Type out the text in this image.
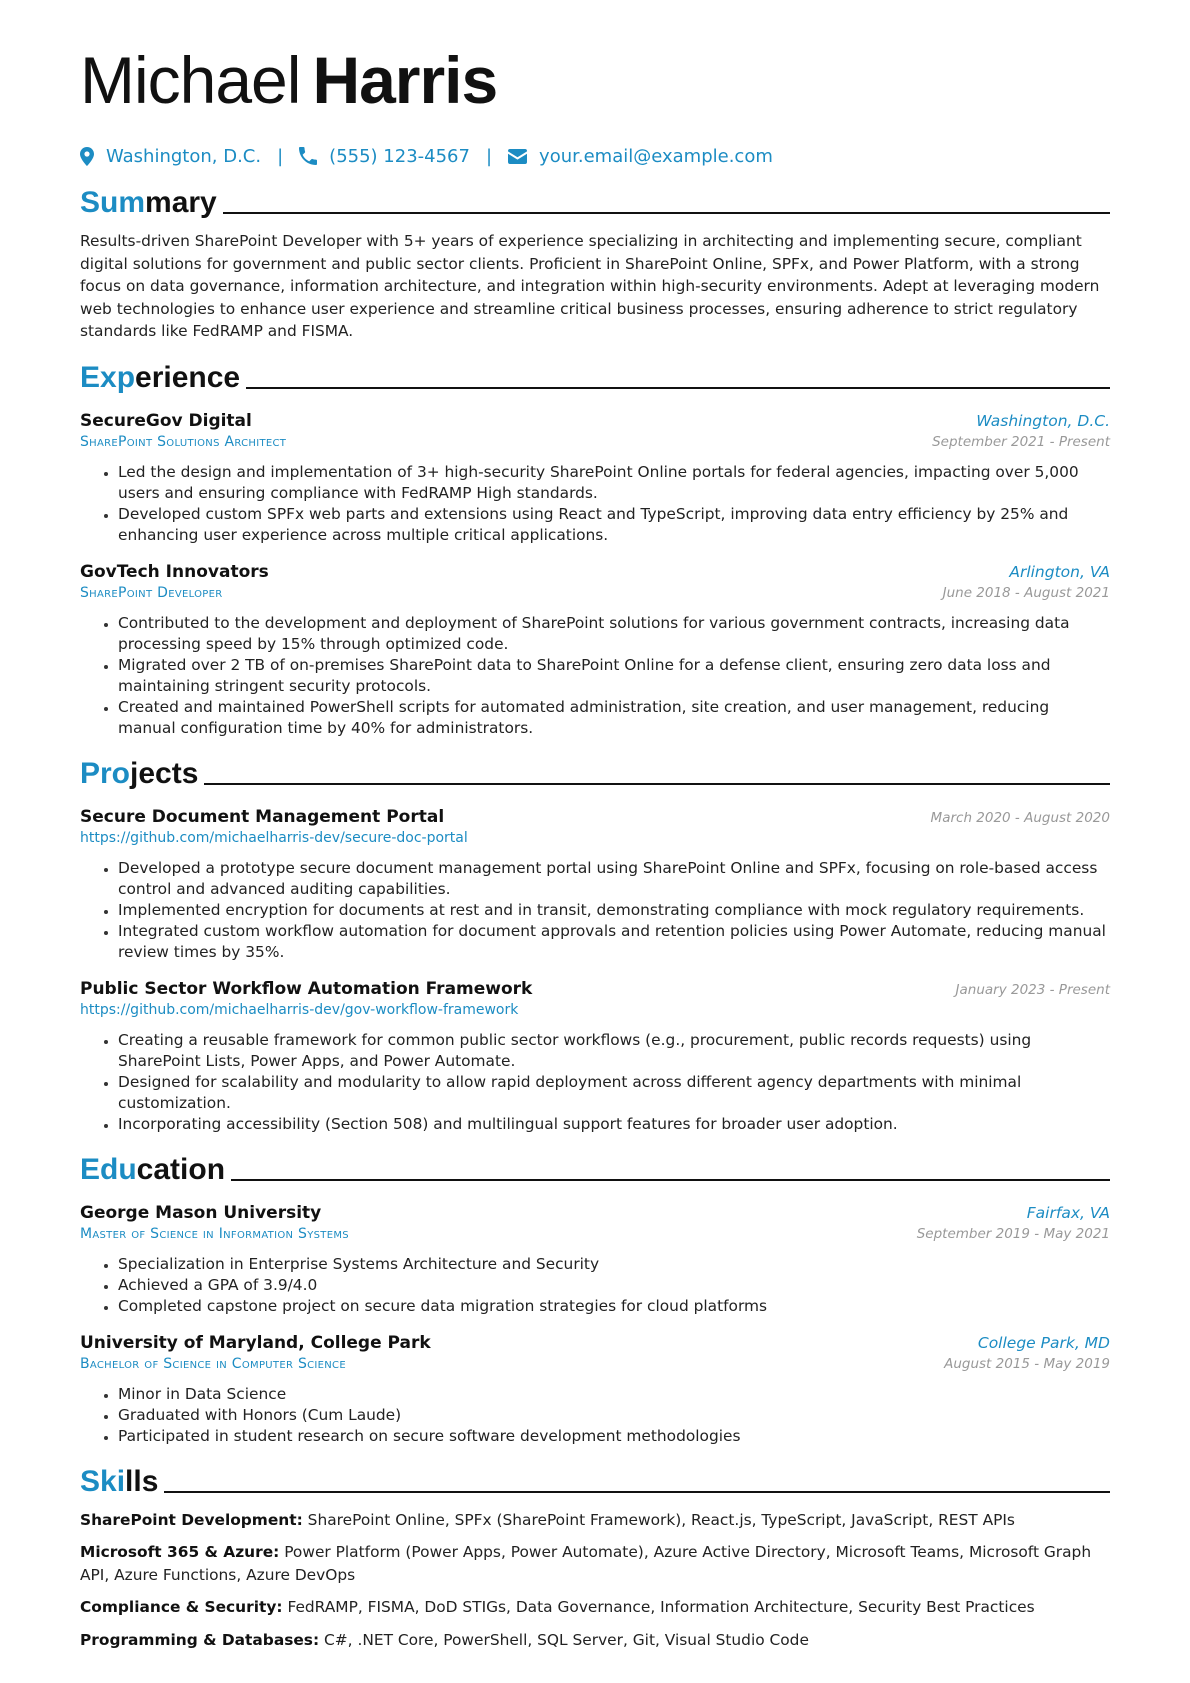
Michael Harris
Washington, D.C. |	(555) 123-4567 |	your.email@example.com
Summary
Results-driven SharePoint Developer with 5+ years of experience specializing in architecting and implementing secure, compliant digital solutions for government and public sector clients. Proficient in SharePoint Online, SPFx, and Power Platform, with a strong focus on data governance, information architecture, and integration within high-security environments. Adept at leveraging modern web technologies to enhance user experience and streamline critical business processes, ensuring adherence to strict regulatory standards like FedRAMP and FISMA.
Experience
SecureGov Digital	Washington, D.C.
SharePoint Solutions Architect	September 2021 - Present
• Led the design and implementation of 3+ high-security SharePoint Online portals for federal agencies, impacting over 5,000 users and ensuring compliance with FedRAMP High standards.
• Developed custom SPFx web parts and extensions using React and TypeScript, improving data entry efficiency by 25% and enhancing user experience across multiple critical applications.
GovTech Innovators	Arlington, VA
SharePoint Developer	June 2018 - August 2021
• Contributed to the development and deployment of SharePoint solutions for various government contracts, increasing data processing speed by 15% through optimized code.
• Migrated over 2 TB of on-premises SharePoint data to SharePoint Online for a defense client, ensuring zero data loss and maintaining stringent security protocols.
• Created and maintained PowerShell scripts for automated administration, site creation, and user management, reducing manual configuration time by 40% for administrators.
Projects
Secure Document Management Portal	March 2020 - August 2020
https://github.com/michaelharris-dev/secure-doc-portal
• Developed a prototype secure document management portal using SharePoint Online and SPFx, focusing on role-based access control and advanced auditing capabilities.
• Implemented encryption for documents at rest and in transit, demonstrating compliance with mock regulatory requirements.
• Integrated custom workflow automation for document approvals and retention policies using Power Automate, reducing manual review times by 35%.
Public Sector Workflow Automation Framework	January 2023 - Present
https://github.com/michaelharris-dev/gov-workflow-framework
• Creating a reusable framework for common public sector workflows (e.g., procurement, public records requests) using SharePoint Lists, Power Apps, and Power Automate.
• Designed for scalability and modularity to allow rapid deployment across different agency departments with minimal customization.
• Incorporating accessibility (Section 508) and multilingual support features for broader user adoption.
Education
George Mason University	Fairfax, VA
Master of Science in Information Systems	September 2019 - May 2021
• Specialization in Enterprise Systems Architecture and Security
• Achieved a GPA of 3.9/4.0
• Completed capstone project on secure data migration strategies for cloud platforms
University of Maryland, College Park	College Park, MD
Bachelor of Science in Computer Science	August 2015 - May 2019
• Minor in Data Science
• Graduated with Honors (Cum Laude)
• Participated in student research on secure software development methodologies
Skills
SharePoint Development: SharePoint Online, SPFx (SharePoint Framework), React.js, TypeScript, JavaScript, REST APIs
Microsoft 365 & Azure: Power Platform (Power Apps, Power Automate), Azure Active Directory, Microsoft Teams, Microsoft Graph API, Azure Functions, Azure DevOps
Compliance & Security: FedRAMP, FISMA, DoD STIGs, Data Governance, Information Architecture, Security Best Practices
Programming & Databases: C#, .NET Core, PowerShell, SQL Server, Git, Visual Studio Code
